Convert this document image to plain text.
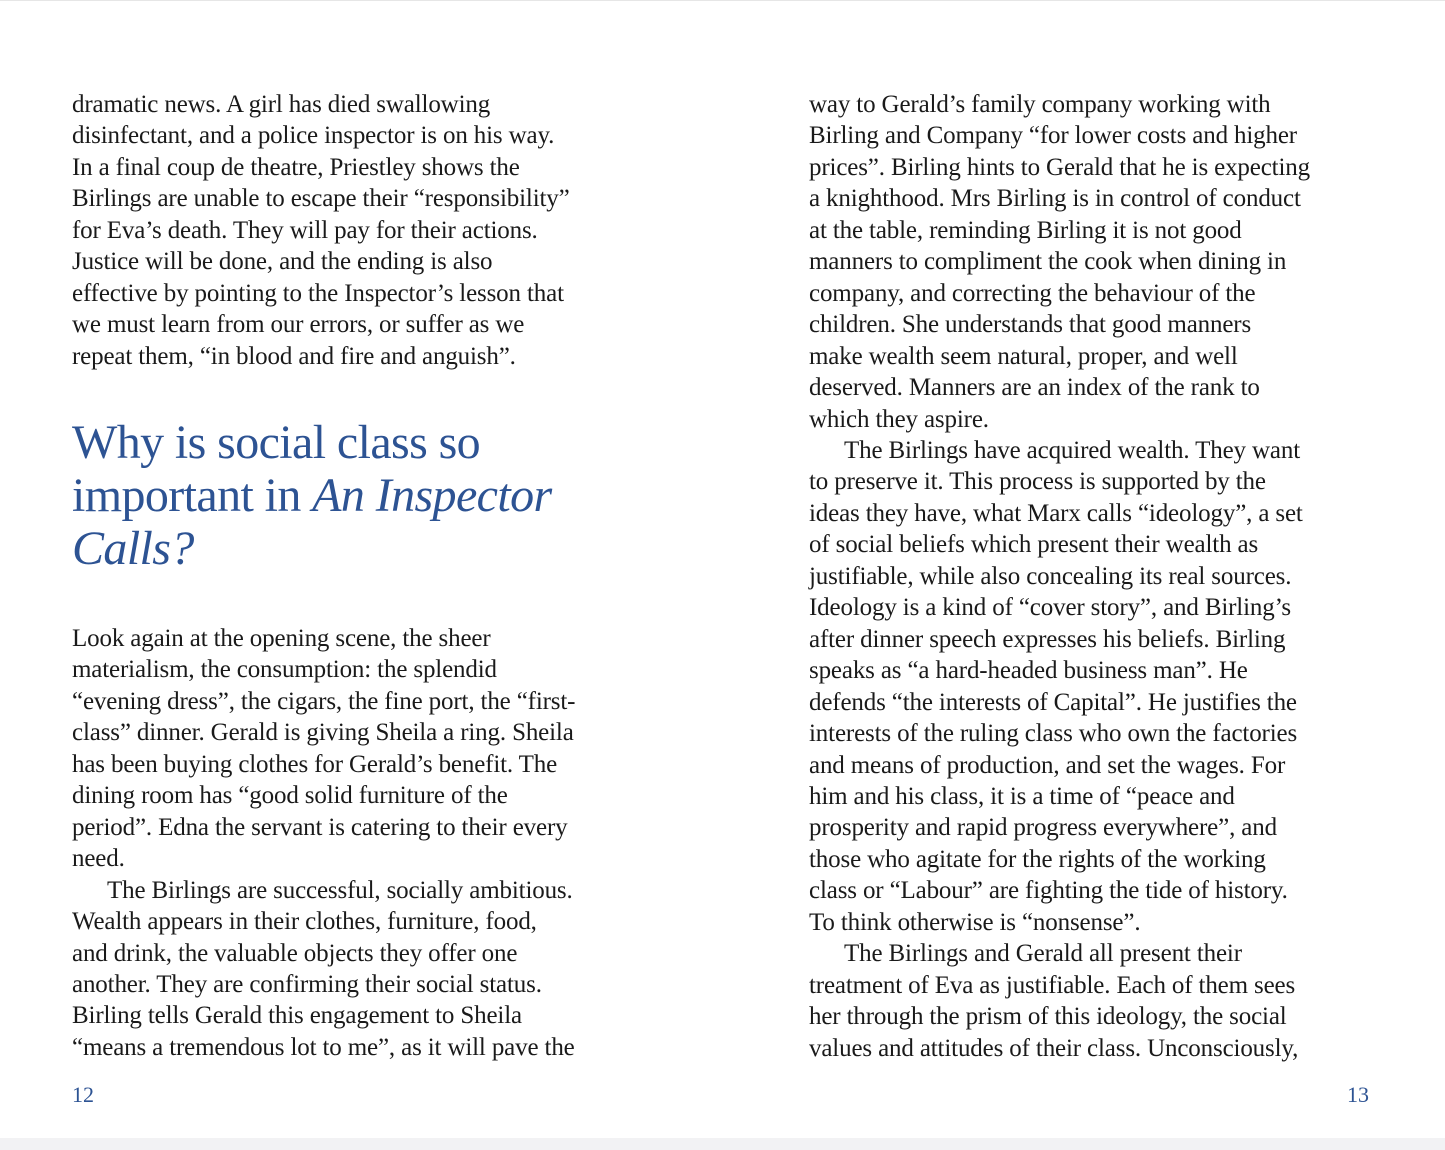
dramatic news. A girl has died swallowing
disinfectant, and a police inspector is on his way.
In a final coup de theatre, Priestley shows the
Birlings are unable to escape their “responsibility”
for Eva’s death. They will pay for their actions.
Justice will be done, and the ending is also
effective by pointing to the Inspector’s lesson that
we must learn from our errors, or suffer as we
repeat them, “in blood and fire and anguish”.
Why is social class so
important in An Inspector
Calls?
Look again at the opening scene, the sheer
materialism, the consumption: the splendid
“evening dress”, the cigars, the fine port, the “first-
class” dinner. Gerald is giving Sheila a ring. Sheila
has been buying clothes for Gerald’s benefit. The
dining room has “good solid furniture of the
period”. Edna the servant is catering to their every
need.
The Birlings are successful, socially ambitious.
Wealth appears in their clothes, furniture, food,
and drink, the valuable objects they offer one
another. They are confirming their social status.
Birling tells Gerald this engagement to Sheila
“means a tremendous lot to me”, as it will pave the
12
way to Gerald’s family company working with
Birling and Company “for lower costs and higher
prices”. Birling hints to Gerald that he is expecting
a knighthood. Mrs Birling is in control of conduct
at the table, reminding Birling it is not good
manners to compliment the cook when dining in
company, and correcting the behaviour of the
children. She understands that good manners
make wealth seem natural, proper, and well
deserved. Manners are an index of the rank to
which they aspire.
The Birlings have acquired wealth. They want
to preserve it. This process is supported by the
ideas they have, what Marx calls “ideology”, a set
of social beliefs which present their wealth as
justifiable, while also concealing its real sources.
Ideology is a kind of “cover story”, and Birling’s
after dinner speech expresses his beliefs. Birling
speaks as “a hard-headed business man”. He
defends “the interests of Capital”. He justifies the
interests of the ruling class who own the factories
and means of production, and set the wages. For
him and his class, it is a time of “peace and
prosperity and rapid progress everywhere”, and
those who agitate for the rights of the working
class or “Labour” are fighting the tide of history.
To think otherwise is “nonsense”.
The Birlings and Gerald all present their
treatment of Eva as justifiable. Each of them sees
her through the prism of this ideology, the social
values and attitudes of their class. Unconsciously,
13
